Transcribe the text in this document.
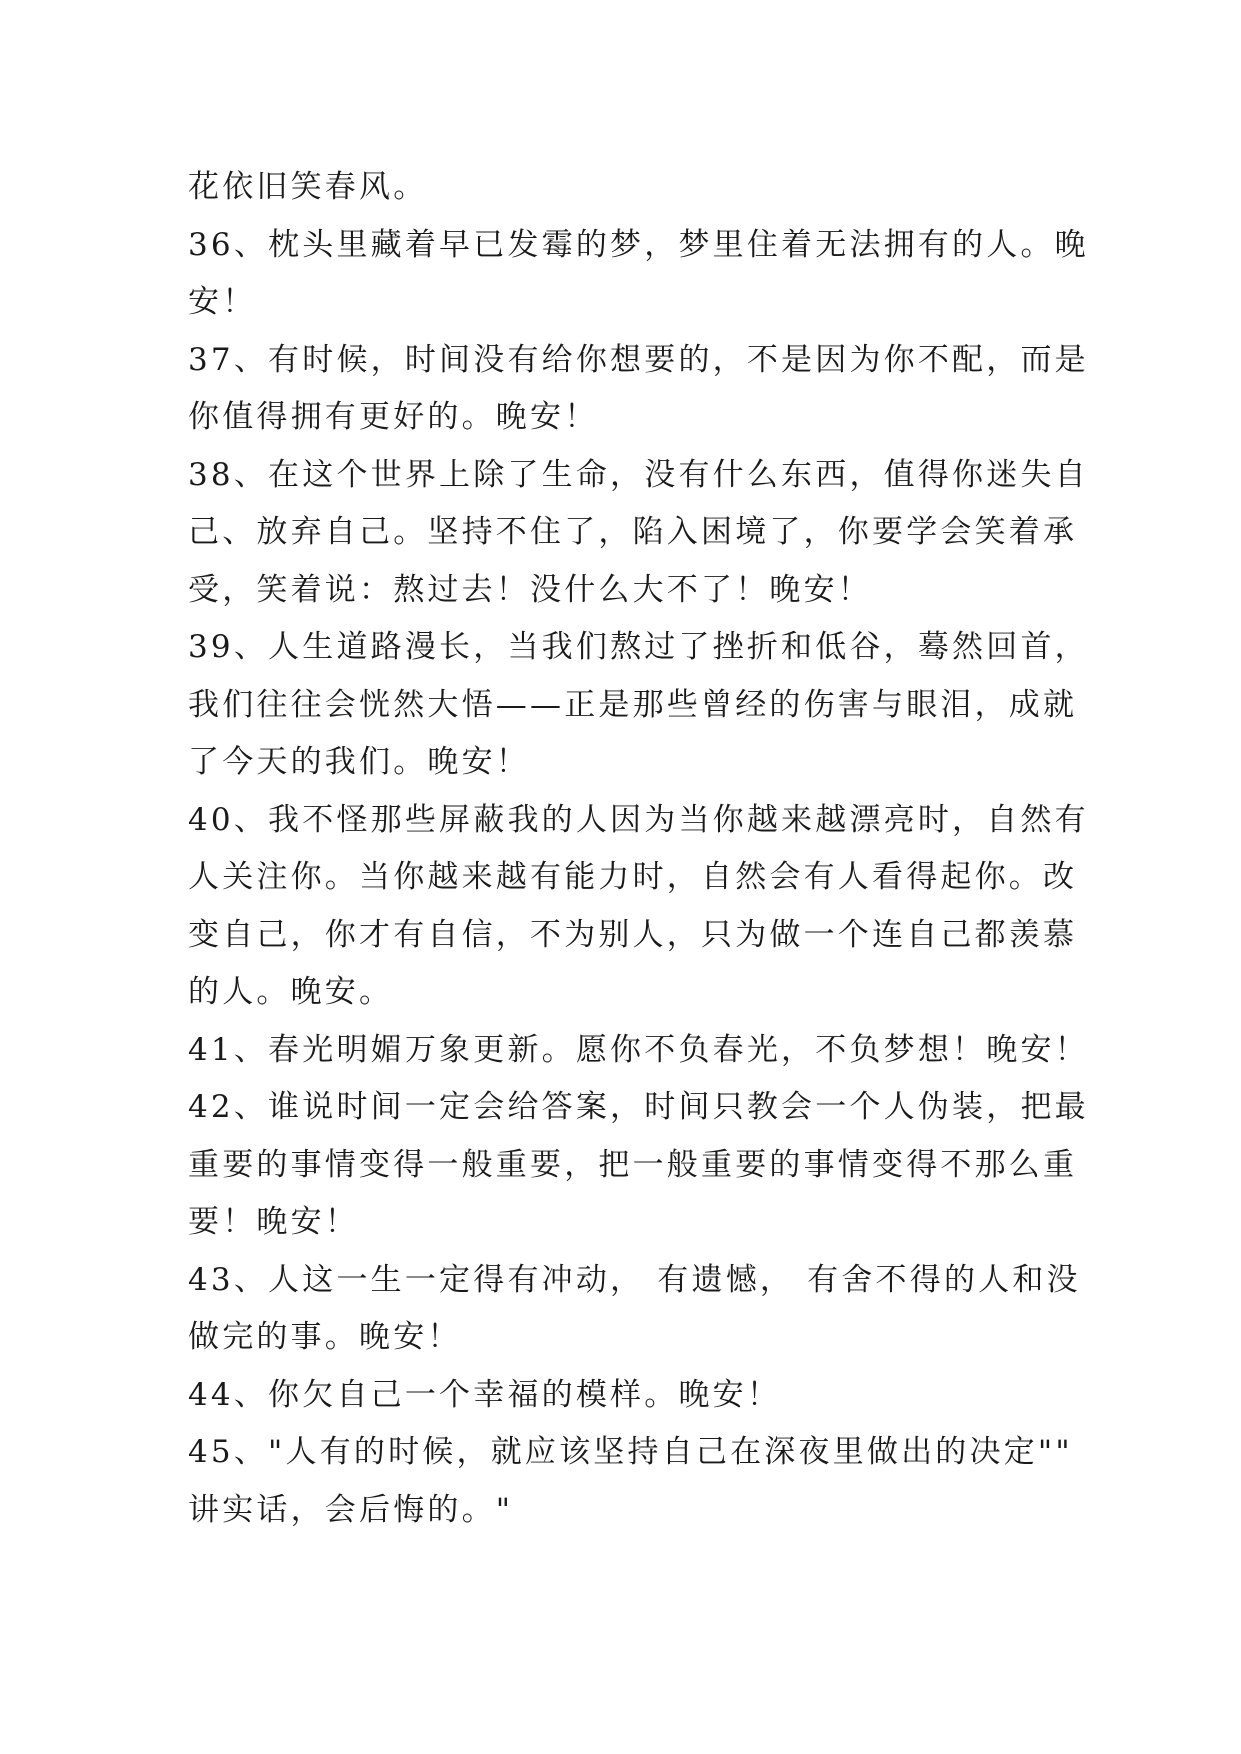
花依旧笑春风。
36、枕头里藏着早已发霉的梦，梦里住着无法拥有的人。晚
安！
37、有时候，时间没有给你想要的，不是因为你不配，而是
你值得拥有更好的。晚安！
38、在这个世界上除了生命，没有什么东西，值得你迷失自
己、放弃自己。坚持不住了，陷入困境了，你要学会笑着承
受，笑着说：熬过去！没什么大不了！晚安！
39、人生道路漫长，当我们熬过了挫折和低谷，蓦然回首，
我们往往会恍然大悟——正是那些曾经的伤害与眼泪，成就
了今天的我们。晚安！
40、我不怪那些屏蔽我的人因为当你越来越漂亮时，自然有
人关注你。当你越来越有能力时，自然会有人看得起你。改
变自己，你才有自信，不为别人，只为做一个连自己都羡慕
的人。晚安。
41、春光明媚万象更新。愿你不负春光，不负梦想！晚安！
42、谁说时间一定会给答案，时间只教会一个人伪装，把最
重要的事情变得一般重要，把一般重要的事情变得不那么重
要！晚安！
43、人这一生一定得有冲动， 有遗憾， 有舍不得的人和没
做完的事。晚安！
44、你欠自己一个幸福的模样。晚安！
45、"人有的时候，就应该坚持自己在深夜里做出的决定""
讲实话，会后悔的。"
